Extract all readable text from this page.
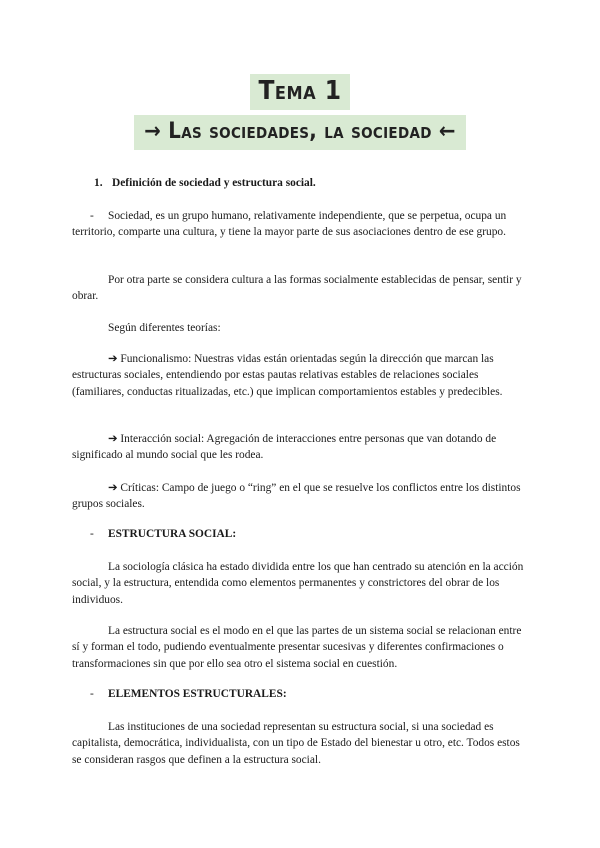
Tema 1
→ Las sociedades, la sociedad ←

1. Definición de sociedad y estructura social.

- Sociedad, es un grupo humano, relativamente independiente, que se perpetua, ocupa un territorio, comparte una cultura, y tiene la mayor parte de sus asociaciones dentro de ese grupo.

Por otra parte se considera cultura a las formas socialmente establecidas de pensar, sentir y obrar.

Según diferentes teorías:

➔ Funcionalismo: Nuestras vidas están orientadas según la dirección que marcan las estructuras sociales, entendiendo por estas pautas relativas estables de relaciones sociales (familiares, conductas ritualizadas, etc.) que implican comportamientos estables y predecibles.

➔ Interacción social: Agregación de interacciones entre personas que van dotando de significado al mundo social que les rodea.

➔ Críticas: Campo de juego o “ring” en el que se resuelve los conflictos entre los distintos grupos sociales.

- ESTRUCTURA SOCIAL:

La sociología clásica ha estado dividida entre los que han centrado su atención en la acción social, y la estructura, entendida como elementos permanentes y constrictores del obrar de los individuos.

La estructura social es el modo en el que las partes de un sistema social se relacionan entre sí y forman el todo, pudiendo eventualmente presentar sucesivas y diferentes confirmaciones o transformaciones sin que por ello sea otro el sistema social en cuestión.

- ELEMENTOS ESTRUCTURALES:

Las instituciones de una sociedad representan su estructura social, si una sociedad es capitalista, democrática, individualista, con un tipo de Estado del bienestar u otro, etc. Todos estos se consideran rasgos que definen a la estructura social.
